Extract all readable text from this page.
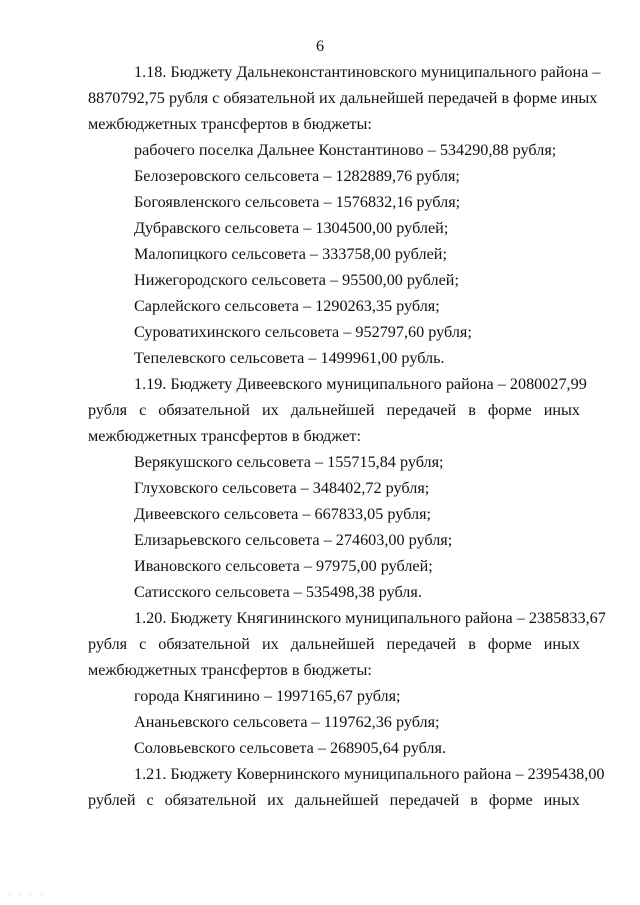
6
1.18. Бюджету Дальнеконстантиновского муниципального района –
8870792,75 рубля с обязательной их дальнейшей передачей в форме иных
межбюджетных трансфертов в бюджеты:
рабочего поселка Дальнее Константиново – 534290,88 рубля;
Белозеровского сельсовета – 1282889,76 рубля;
Богоявленского сельсовета – 1576832,16 рубля;
Дубравского сельсовета – 1304500,00 рублей;
Малопицкого сельсовета – 333758,00 рублей;
Нижегородского сельсовета – 95500,00 рублей;
Сарлейского сельсовета – 1290263,35 рубля;
Суроватихинского сельсовета – 952797,60 рубля;
Тепелевского сельсовета – 1499961,00 рубль.
1.19. Бюджету Дивеевского муниципального района – 2080027,99
рубля с обязательной их дальнейшей передачей в форме иных
межбюджетных трансфертов в бюджет:
Верякушского сельсовета – 155715,84 рубля;
Глуховского сельсовета – 348402,72 рубля;
Дивеевского сельсовета – 667833,05 рубля;
Елизарьевского сельсовета – 274603,00 рубля;
Ивановского сельсовета – 97975,00 рублей;
Сатисского сельсовета – 535498,38 рубля.
1.20. Бюджету Княгининского муниципального района – 2385833,67
рубля с обязательной их дальнейшей передачей в форме иных
межбюджетных трансфертов в бюджеты:
города Княгинино – 1997165,67 рубля;
Ананьевского сельсовета – 119762,36 рубля;
Соловьевского сельсовета – 268905,64 рубля.
1.21. Бюджету Ковернинского муниципального района – 2395438,00
рублей с обязательной их дальнейшей передачей в форме иных
· · · ·
